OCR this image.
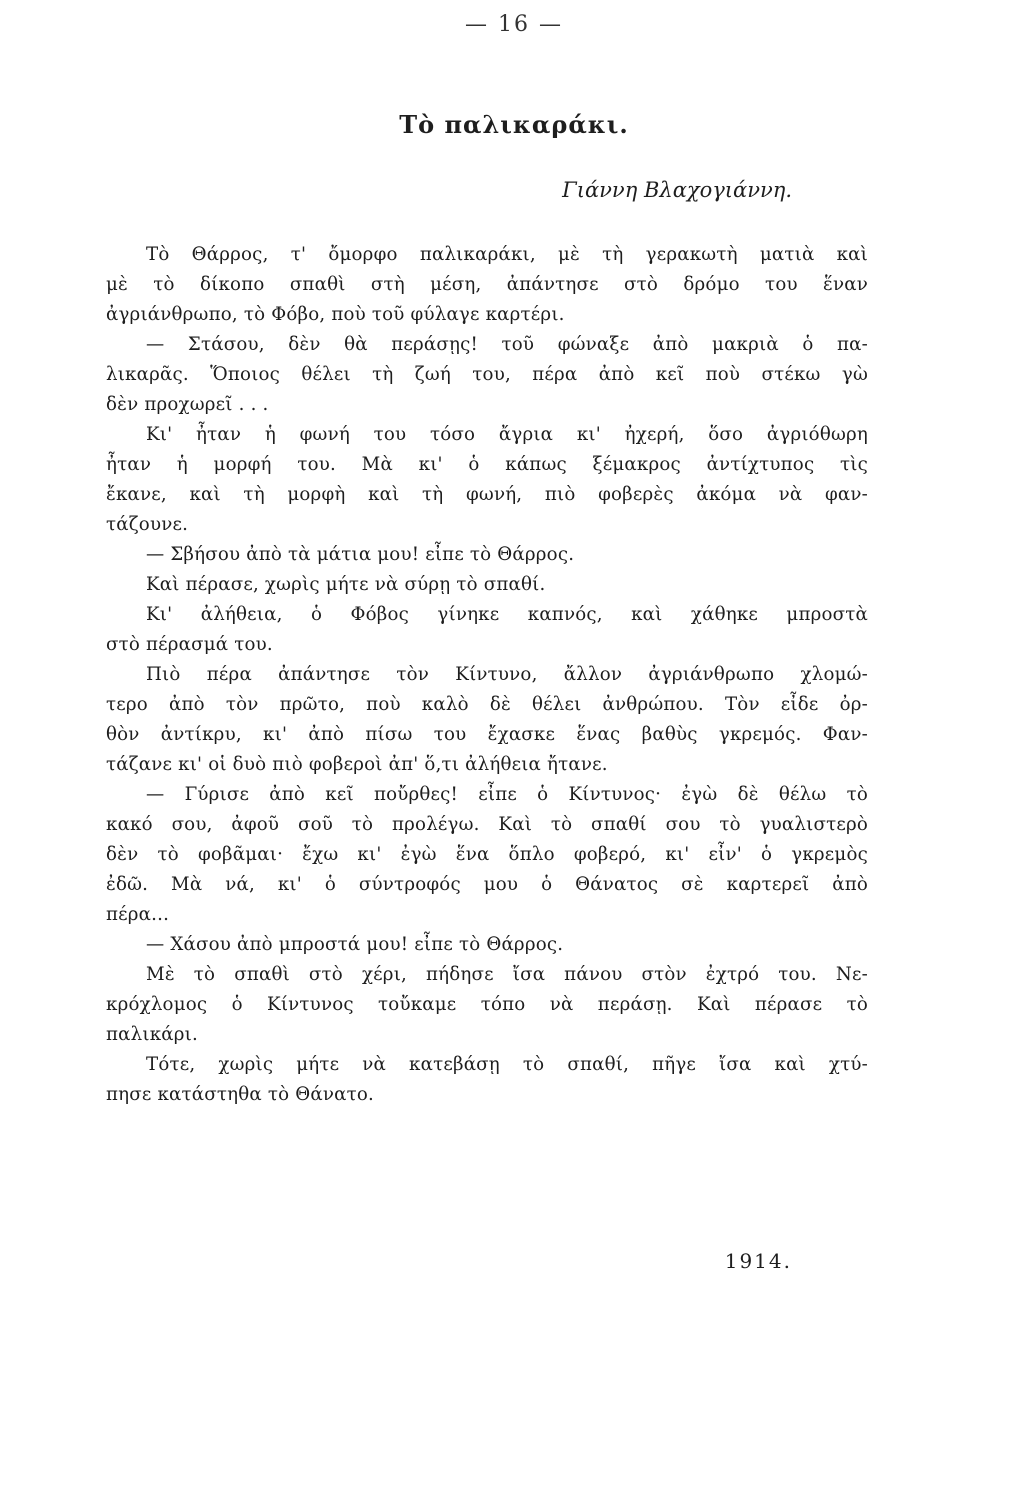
— 16 —
Τὸ παλικαράκι.
Γιάννη Βλαχογιάννη.
Τὸ Θάρρος, τ' ὄμορφο παλικαράκι, μὲ τὴ γερακωτὴ ματιὰ καὶ
μὲ τὸ δίκοπο σπαθὶ στὴ μέση, ἀπάντησε στὸ δρόμο του ἕναν
ἀγριάνθρωπο, τὸ Φόβο, ποὺ τοῦ φύλαγε καρτέρι.
— Στάσου, δὲν θὰ περάσῃς! τοῦ φώναξε ἀπὸ μακριὰ ὁ πα-
λικαρᾶς. Ὅποιος θέλει τὴ ζωή του, πέρα ἀπὸ κεῖ ποὺ στέκω γὼ
δὲν προχωρεῖ . . .
Κι' ἦταν ἡ φωνή του τόσο ἄγρια κι' ἠχερή, ὅσο ἀγριόθωρη
ἦταν ἡ μορφή του. Μὰ κι' ὁ κάπως ξέμακρος ἀντίχτυπος τὶς
ἔκανε, καὶ τὴ μορφὴ καὶ τὴ φωνή, πιὸ φοβερὲς ἀκόμα νὰ φαν-
τάζουνε.
— Σβήσου ἀπὸ τὰ μάτια μου! εἶπε τὸ Θάρρος.
Καὶ πέρασε, χωρὶς μήτε νὰ σύρῃ τὸ σπαθί.
Κι' ἀλήθεια, ὁ Φόβος γίνηκε καπνός, καὶ χάθηκε μπροστὰ
στὸ πέρασμά του.
Πιὸ πέρα ἀπάντησε τὸν Κίντυνο, ἄλλον ἀγριάνθρωπο χλομώ-
τερο ἀπὸ τὸν πρῶτο, ποὺ καλὸ δὲ θέλει ἀνθρώπου. Τὸν εἶδε ὀρ-
θὸν ἀντίκρυ, κι' ἀπὸ πίσω του ἔχασκε ἕνας βαθὺς γκρεμός. Φαν-
τάζανε κι' οἱ δυὸ πιὸ φοβεροὶ ἀπ' ὅ,τι ἀλήθεια ἤτανε.
— Γύρισε ἀπὸ κεῖ ποὔρθες! εἶπε ὁ Κίντυνος· ἐγὼ δὲ θέλω τὸ
κακό σου, ἀφοῦ σοῦ τὸ προλέγω. Καὶ τὸ σπαθί σου τὸ γυαλιστερὸ
δὲν τὸ φοβᾶμαι· ἔχω κι' ἐγὼ ἕνα ὅπλο φοβερό, κι' εἶν' ὁ γκρεμὸς
ἐδῶ. Μὰ νά, κι' ὁ σύντροφός μου ὁ Θάνατος σὲ καρτερεῖ ἀπὸ
πέρα...
— Χάσου ἀπὸ μπροστά μου! εἶπε τὸ Θάρρος.
Μὲ τὸ σπαθὶ στὸ χέρι, πήδησε ἴσα πάνου στὸν ἐχτρό του. Νε-
κρόχλομος ὁ Κίντυνος τοὔκαμε τόπο νὰ περάσῃ. Καὶ πέρασε τὸ
παλικάρι.
Τότε, χωρὶς μήτε νὰ κατεβάσῃ τὸ σπαθί, πῆγε ἴσα καὶ χτύ-
πησε κατάστηθα τὸ Θάνατο.
1914.
